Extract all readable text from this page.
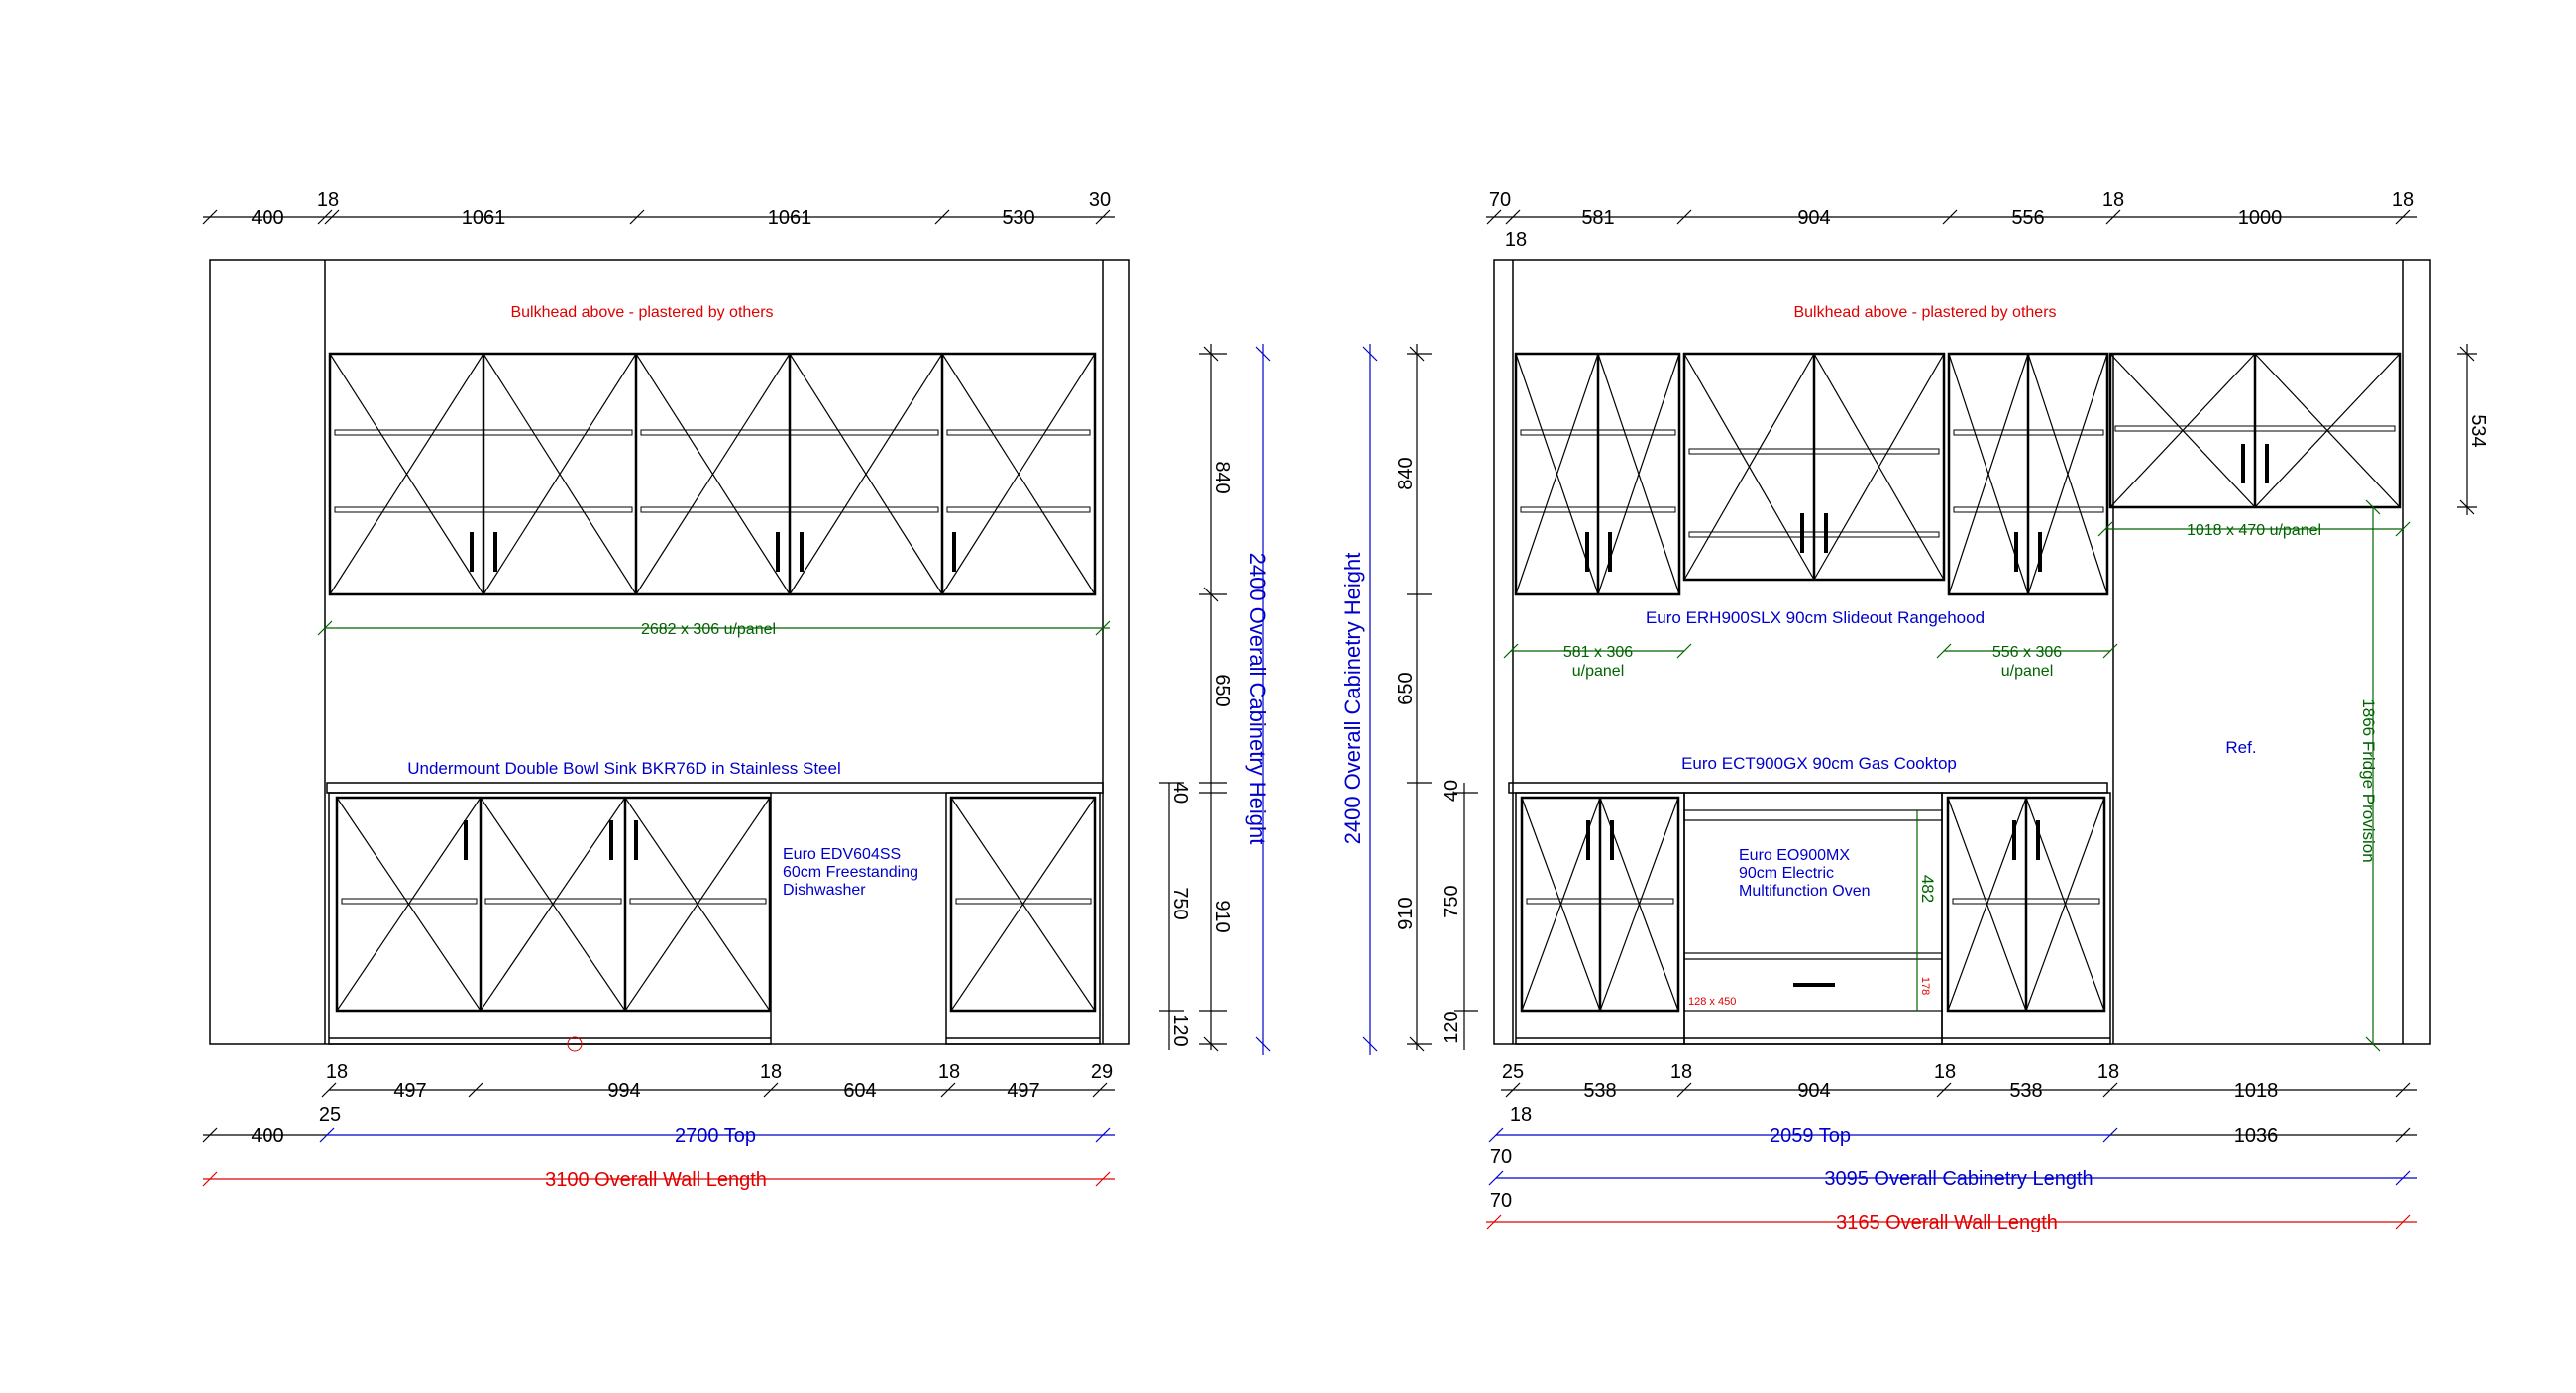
400
18
1061	1061	530
30
Bulkhead above - plastered by others
2682 x 306 u/panel
Undermount Double Bowl Sink BKR76D in Stainless Steel
Euro EDV604SS
60cm Freestanding
Dishwasher
18
497	994
18
604
18
497
29
400
25
2700 Top
3100 Overall Wall Length
840
650
40
750 910
120
2400 Overall Cabinetry Height
70
18
581	904	556
18
1000
18
Bulkhead above - plastered by others
Euro ERH900SLX 90cm Slideout Rangehood
581 x 306
u/panel
556 x 306
u/panel
1018 x 470 u/panel
Euro ECT900GX 90cm Gas Cooktop
Euro EO900MX
90cm Electric
Multifunction Oven	482
178
128 x 450
Ref.	1866 Fridge Provision
534
25
538
18
904
18
538
18
1018
18
2059 Top	1036
70
3095 Overall Cabinetry Length
70
3165 Overall Wall Length
2400 Overall Cabinetry Height
840
650
40
910 750
120
